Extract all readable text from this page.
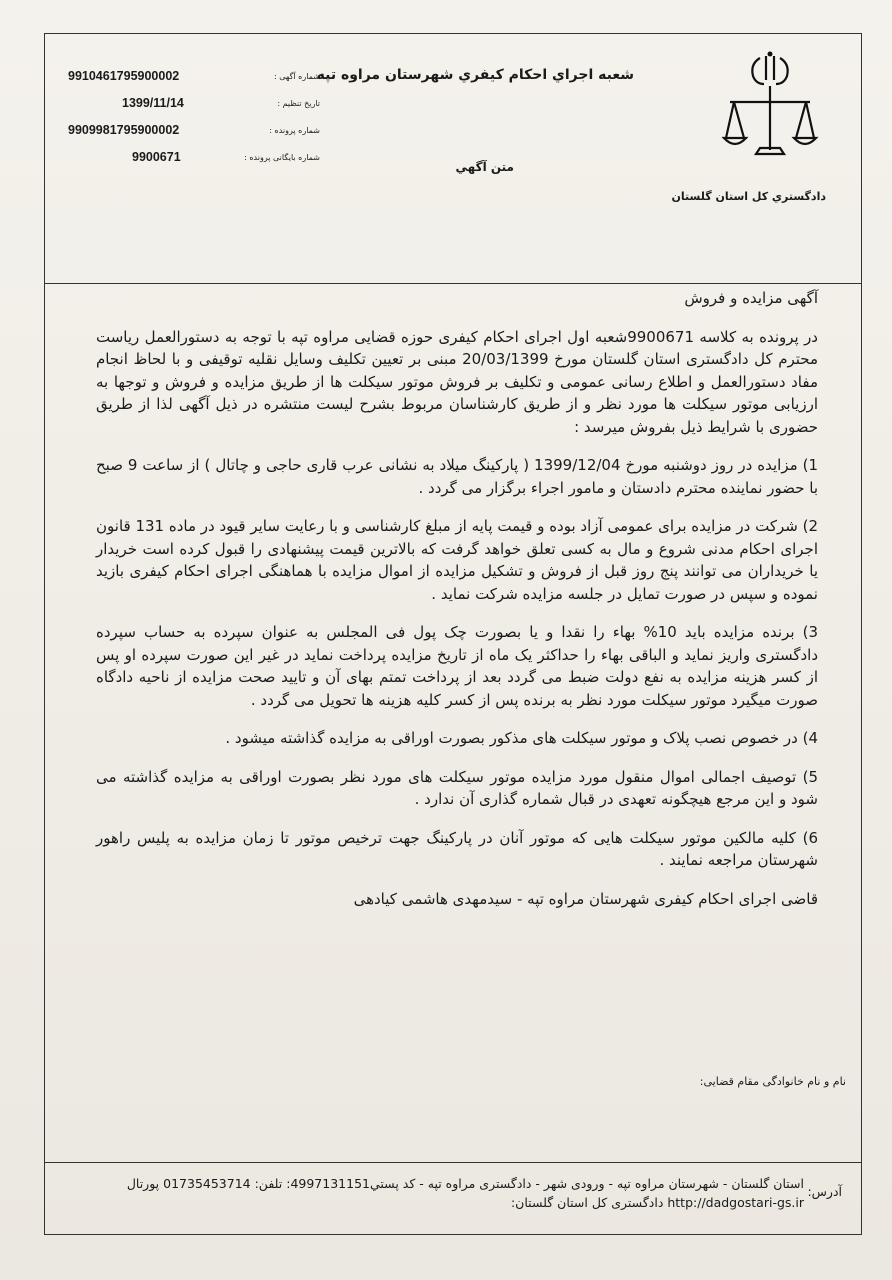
دادگستري کل استان گلستان
شعبه اجراي احکام کيفري شهرستان مراوه تپه
متن آگهي
شماره آگهی :
9910461795900002
تاریخ تنظیم :
1399/11/14
شماره پرونده :
9909981795900002
شماره بایگانی پرونده :
9900671

آگهی مزایده و فروش

در پرونده به کلاسه 9900671شعبه اول اجرای احکام کیفری حوزه قضایی مراوه تپه با توجه به دستورالعمل ریاست محترم کل دادگستری استان گلستان مورخ 20/03/1399 مبنی بر تعیین تکلیف وسایل نقلیه توقیفی و با لحاظ انجام مفاد دستورالعمل و اطلاع رسانی عمومی و تکلیف بر فروش موتور سیکلت ها از طریق مزایده و فروش و توجها به ارزیابی موتور سیکلت ها مورد نظر و از طریق کارشناسان مربوط بشرح لیست منتشره در ذیل آگهی لذا از طریق حضوری با شرایط ذیل بفروش میرسد :

1) مزایده در روز دوشنبه مورخ 1399/12/04 ( پارکینگ میلاد به نشانی عرب قاری حاجی و چاتال ) از ساعت 9 صبح با حضور نماینده محترم دادستان و مامور اجراء برگزار می گردد .

2) شرکت در مزایده برای عمومی آزاد بوده و قیمت پایه از مبلغ کارشناسی و با رعایت سایر قیود در ماده 131 قانون اجرای احکام مدنی شروع و مال به کسی تعلق خواهد گرفت که بالاترین قیمت پیشنهادی را قبول کرده است خریدار یا خریداران می توانند پنج روز قبل از فروش و تشکیل مزایده از اموال مزایده با هماهنگی اجرای احکام کیفری بازید نموده و سپس در صورت تمایل در جلسه مزایده شرکت نماید .

3) برنده مزایده باید 10% بهاء را نقدا و یا بصورت چک پول فی المجلس به عنوان سپرده به حساب سپرده دادگستری واریز نماید و الباقی بهاء را حداکثر یک ماه از تاریخ مزایده پرداخت نماید در غیر این صورت سپرده او پس از کسر هزینه مزایده به نفع دولت ضبط می گردد بعد از پرداخت تمتم بهای آن و تایید صحت مزایده از ناحیه دادگاه صورت میگیرد موتور سیکلت مورد نظر به برنده پس از کسر کلیه هزینه ها تحویل می گردد .

4) در خصوص نصب پلاک و موتور سیکلت های مذکور بصورت اوراقی به مزایده گذاشته میشود .

5) توصیف اجمالی اموال منقول مورد مزایده موتور سیکلت های مورد نظر بصورت اوراقی به مزایده گذاشته می شود و این مرجع هیچگونه تعهدی در قبال شماره گذاری آن ندارد .

6) کلیه مالکین موتور سیکلت هایی که موتور آنان در پارکینگ جهت ترخیص موتور تا زمان مزایده به پلیس راهور شهرستان مراجعه نمایند .

قاضی اجرای احکام کیفری شهرستان مراوه تپه - سیدمهدی هاشمی کیادهی

نام و نام خانوادگی مقام قضایی:
آدرس:
استان گلستان - شهرستان مراوه تپه - ورودی شهر - دادگستری مراوه تپه - کد پستي4997131151: تلفن: 01735453714 پورتال http://dadgostari-gs.ir دادگستری کل استان گلستان:
